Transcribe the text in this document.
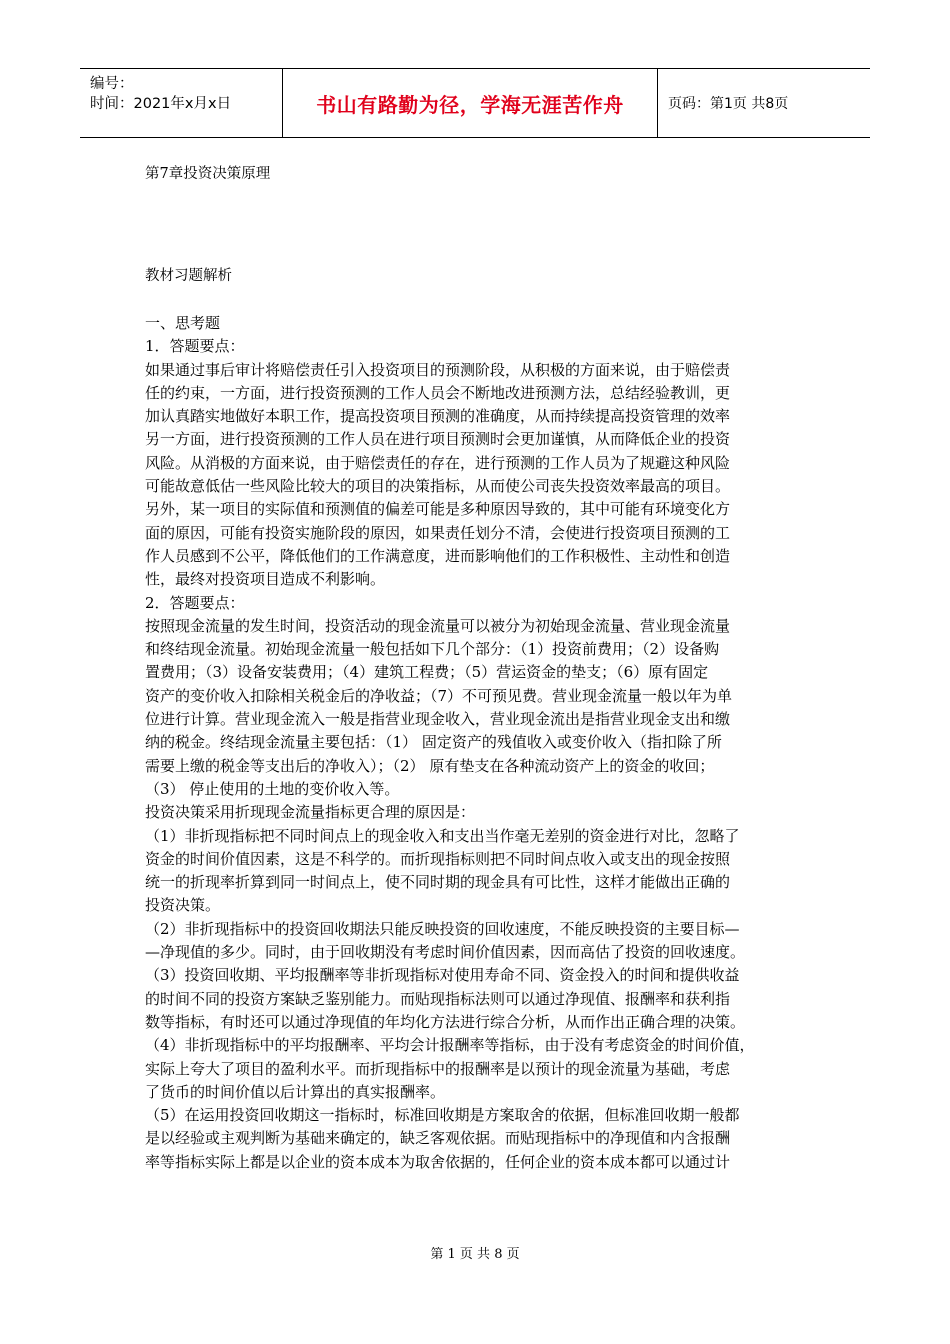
编号：
时间：2021年x月x日	书山有路勤为径，学海无涯苦作舟	页码：第1页 共8页
第7章投资决策原理
教材习题解析

一、思考题

1．答题要点：

如果通过事后审计将赔偿责任引入投资项目的预测阶段，从积极的方面来说，由于赔偿责

任的约束，一方面，进行投资预测的工作人员会不断地改进预测方法，总结经验教训，更

加认真踏实地做好本职工作，提高投资项目预测的准确度，从而持续提高投资管理的效率

另一方面，进行投资预测的工作人员在进行项目预测时会更加谨慎，从而降低企业的投资

风险。从消极的方面来说，由于赔偿责任的存在，进行预测的工作人员为了规避这种风险

可能故意低估一些风险比较大的项目的决策指标，从而使公司丧失投资效率最高的项目。

另外，某一项目的实际值和预测值的偏差可能是多种原因导致的，其中可能有环境变化方

面的原因，可能有投资实施阶段的原因，如果责任划分不清，会使进行投资项目预测的工

作人员感到不公平，降低他们的工作满意度，进而影响他们的工作积极性、主动性和创造

性，最终对投资项目造成不利影响。

2．答题要点：

按照现金流量的发生时间，投资活动的现金流量可以被分为初始现金流量、营业现金流量

和终结现金流量。初始现金流量一般包括如下几个部分：（1）投资前费用；（2）设备购

置费用；（3）设备安装费用；（4）建筑工程费；（5）营运资金的垫支；（6）原有固定

资产的变价收入扣除相关税金后的净收益；（7）不可预见费。营业现金流量一般以年为单

位进行计算。营业现金流入一般是指营业现金收入，营业现金流出是指营业现金支出和缴

纳的税金。终结现金流量主要包括：（1） 固定资产的残值收入或变价收入（指扣除了所

需要上缴的税金等支出后的净收入）；（2） 原有垫支在各种流动资产上的资金的收回；

（3） 停止使用的土地的变价收入等。

投资决策采用折现现金流量指标更合理的原因是：

（1）非折现指标把不同时间点上的现金收入和支出当作毫无差别的资金进行对比，忽略了

资金的时间价值因素，这是不科学的。而折现指标则把不同时间点收入或支出的现金按照

统一的折现率折算到同一时间点上，使不同时期的现金具有可比性，这样才能做出正确的

投资决策。

（2）非折现指标中的投资回收期法只能反映投资的回收速度，不能反映投资的主要目标—

—净现值的多少。同时，由于回收期没有考虑时间价值因素，因而高估了投资的回收速度。

（3）投资回收期、平均报酬率等非折现指标对使用寿命不同、资金投入的时间和提供收益

的时间不同的投资方案缺乏鉴别能力。而贴现指标法则可以通过净现值、报酬率和获利指

数等指标，有时还可以通过净现值的年均化方法进行综合分析，从而作出正确合理的决策。

（4）非折现指标中的平均报酬率、平均会计报酬率等指标，由于没有考虑资金的时间价值，

实际上夸大了项目的盈利水平。而折现指标中的报酬率是以预计的现金流量为基础，考虑

了货币的时间价值以后计算出的真实报酬率。

（5）在运用投资回收期这一指标时，标准回收期是方案取舍的依据，但标准回收期一般都

是以经验或主观判断为基础来确定的，缺乏客观依据。而贴现指标中的净现值和内含报酬

率等指标实际上都是以企业的资本成本为取舍依据的，任何企业的资本成本都可以通过计

第 1 页 共 8 页
